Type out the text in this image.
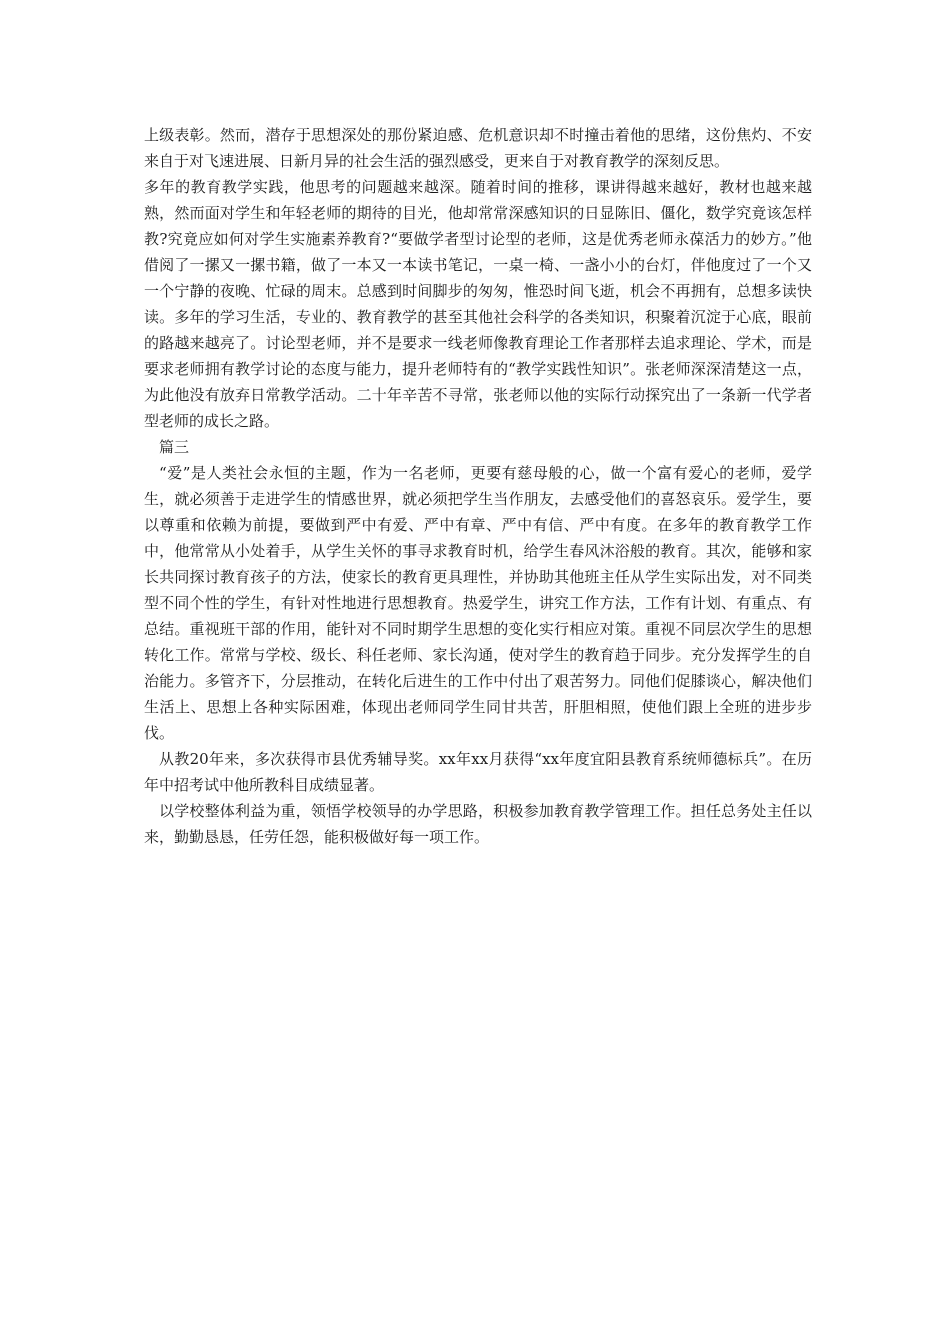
上级表彰。然而，潜存于思想深处的那份紧迫感、危机意识却不时撞击着他的思绪，这份焦灼、不安来自于对飞速进展、日新月异的社会生活的强烈感受，更来自于对教育教学的深刻反思。

多年的教育教学实践，他思考的问题越来越深。随着时间的推移，课讲得越来越好，教材也越来越熟，然而面对学生和年轻老师的期待的目光，他却常常深感知识的日显陈旧、僵化，数学究竟该怎样教?究竟应如何对学生实施素养教育?“要做学者型讨论型的老师，这是优秀老师永葆活力的妙方。”他借阅了一摞又一摞书籍，做了一本又一本读书笔记，一桌一椅、一盏小小的台灯，伴他度过了一个又一个宁静的夜晚、忙碌的周末。总感到时间脚步的匆匆，惟恐时间飞逝，机会不再拥有，总想多读快读。多年的学习生活，专业的、教育教学的甚至其他社会科学的各类知识，积聚着沉淀于心底，眼前的路越来越亮了。讨论型老师，并不是要求一线老师像教育理论工作者那样去追求理论、学术，而是要求老师拥有教学讨论的态度与能力，提升老师特有的“教学实践性知识”。张老师深深清楚这一点，为此他没有放弃日常教学活动。二十年辛苦不寻常，张老师以他的实际行动探究出了一条新一代学者型老师的成长之路。

篇三

“爱”是人类社会永恒的主题，作为一名老师，更要有慈母般的心，做一个富有爱心的老师，爱学生，就必须善于走进学生的情感世界，就必须把学生当作朋友，去感受他们的喜怒哀乐。爱学生，要以尊重和依赖为前提，要做到严中有爱、严中有章、严中有信、严中有度。在多年的教育教学工作中，他常常从小处着手，从学生关怀的事寻求教育时机，给学生春风沐浴般的教育。其次，能够和家长共同探讨教育孩子的方法，使家长的教育更具理性，并协助其他班主任从学生实际出发，对不同类型不同个性的学生，有针对性地进行思想教育。热爱学生，讲究工作方法，工作有计划、有重点、有总结。重视班干部的作用，能针对不同时期学生思想的变化实行相应对策。重视不同层次学生的思想转化工作。常常与学校、级长、科任老师、家长沟通，使对学生的教育趋于同步。充分发挥学生的自治能力。多管齐下，分层推动，在转化后进生的工作中付出了艰苦努力。同他们促膝谈心，解决他们生活上、思想上各种实际困难，体现出老师同学生同甘共苦，肝胆相照，使他们跟上全班的进步步伐。

从教20年来，多次获得市县优秀辅导奖。xx年xx月获得“xx年度宜阳县教育系统师德标兵”。在历年中招考试中他所教科目成绩显著。

以学校整体利益为重，领悟学校领导的办学思路，积极参加教育教学管理工作。担任总务处主任以来，勤勤恳恳，任劳任怨，能积极做好每一项工作。
